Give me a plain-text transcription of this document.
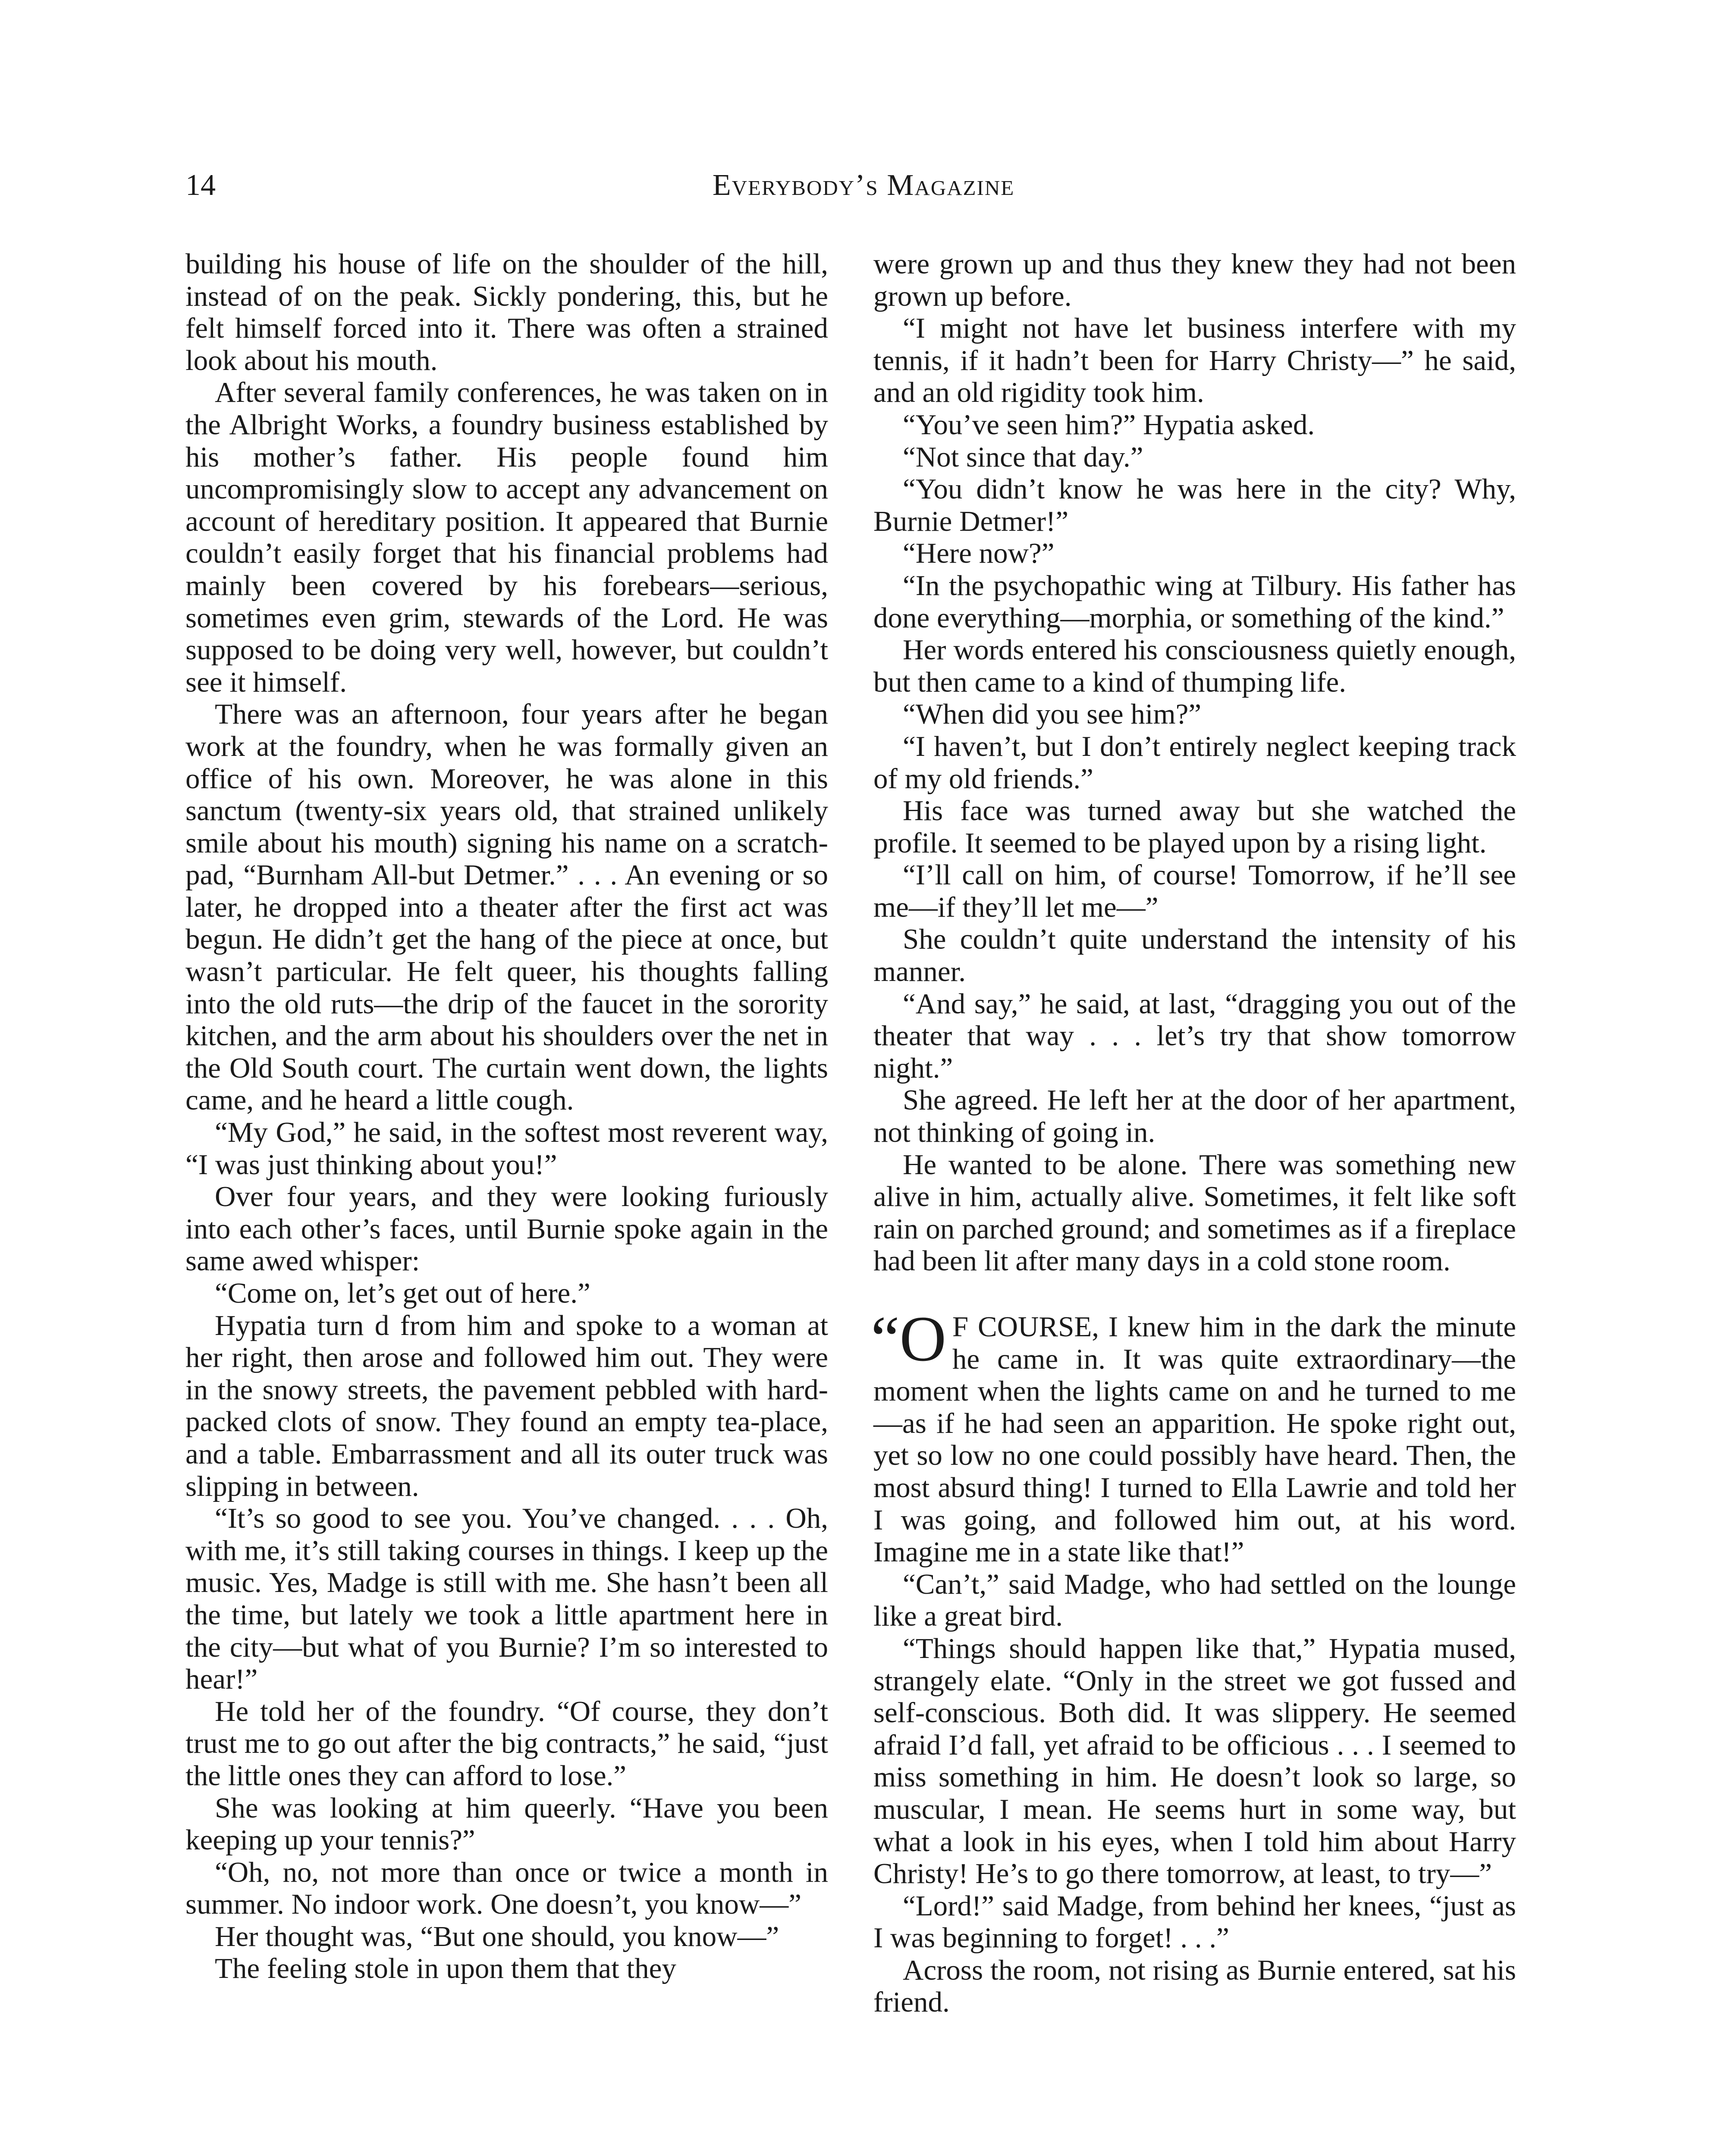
14	Everybody’s Magazine

building his house of life on the shoulder of the hill, instead of on the peak. Sickly pondering, this, but he felt himself forced into it. There was often a strained look about his mouth.

After several family conferences, he was taken on in the Albright Works, a foundry business established by his mother’s father. His people found him uncompromisingly slow to accept any advancement on account of hereditary position. It appeared that Burnie couldn’t easily forget that his financial problems had mainly been covered by his forebears—serious, sometimes even grim, stewards of the Lord. He was supposed to be doing very well, however, but couldn’t see it himself.

There was an afternoon, four years after he began work at the foundry, when he was formally given an office of his own. Moreover, he was alone in this sanctum (twenty-six years old, that strained unlikely smile about his mouth) signing his name on a scratch-pad, “Burnham All-but Detmer.” . . . An evening or so later, he dropped into a theater after the first act was begun. He didn’t get the hang of the piece at once, but wasn’t particular. He felt queer, his thoughts falling into the old ruts—the drip of the faucet in the sorority kitchen, and the arm about his shoulders over the net in the Old South court. The curtain went down, the lights came, and he heard a little cough.

“My God,” he said, in the softest most reverent way, “I was just thinking about you!”

Over four years, and they were looking furiously into each other’s faces, until Burnie spoke again in the same awed whisper:

“Come on, let’s get out of here.”

Hypatia turn d from him and spoke to a woman at her right, then arose and followed him out. They were in the snowy streets, the pavement pebbled with hard-packed clots of snow. They found an empty tea-place, and a table. Embarrassment and all its outer truck was slipping in between.

“It’s so good to see you. You’ve changed. . . . Oh, with me, it’s still taking courses in things. I keep up the music. Yes, Madge is still with me. She hasn’t been all the time, but lately we took a little apartment here in the city—but what of you Burnie? I’m so interested to hear!”

He told her of the foundry. “Of course, they don’t trust me to go out after the big contracts,” he said, “just the little ones they can afford to lose.”

She was looking at him queerly. “Have you been keeping up your tennis?”

“Oh, no, not more than once or twice a month in summer. No indoor work. One doesn’t, you know—”

Her thought was, “But one should, you know—”

The feeling stole in upon them that they

were grown up and thus they knew they had not been grown up before.

“I might not have let business interfere with my tennis, if it hadn’t been for Harry Christy—” he said, and an old rigidity took him.

“You’ve seen him?” Hypatia asked.

“Not since that day.”

“You didn’t know he was here in the city? Why, Burnie Detmer!”

“Here now?”

“In the psychopathic wing at Tilbury. His father has done everything—morphia, or something of the kind.”

Her words entered his consciousness quietly enough, but then came to a kind of thumping life.

“When did you see him?”

“I haven’t, but I don’t entirely neglect keeping track of my old friends.”

His face was turned away but she watched the profile. It seemed to be played upon by a rising light.

“I’ll call on him, of course! Tomorrow, if he’ll see me—if they’ll let me—”

She couldn’t quite understand the intensity of his manner.

“And say,” he said, at last, “dragging you out of the theater that way . . . let’s try that show tomorrow night.”

She agreed. He left her at the door of her apartment, not thinking of going in.

He wanted to be alone. There was something new alive in him, actually alive. Sometimes, it felt like soft rain on parched ground; and sometimes as if a fireplace had been lit after many days in a cold stone room.

“O F COURSE, I knew him in the dark the minute he came in. It was quite extraordinary—the moment when the lights came on and he turned to me—as if he had seen an apparition. He spoke right out, yet so low no one could possibly have heard. Then, the most absurd thing! I turned to Ella Lawrie and told her I was going, and followed him out, at his word. Imagine me in a state like that!”

“Can’t,” said Madge, who had settled on the lounge like a great bird.

“Things should happen like that,” Hypatia mused, strangely elate. “Only in the street we got fussed and self-conscious. Both did. It was slippery. He seemed afraid I’d fall, yet afraid to be officious . . . I seemed to miss something in him. He doesn’t look so large, so muscular, I mean. He seems hurt in some way, but what a look in his eyes, when I told him about Harry Christy! He’s to go there tomorrow, at least, to try—”

“Lord!” said Madge, from behind her knees, “just as I was beginning to forget! . . .”

Across the room, not rising as Burnie entered, sat his friend.
